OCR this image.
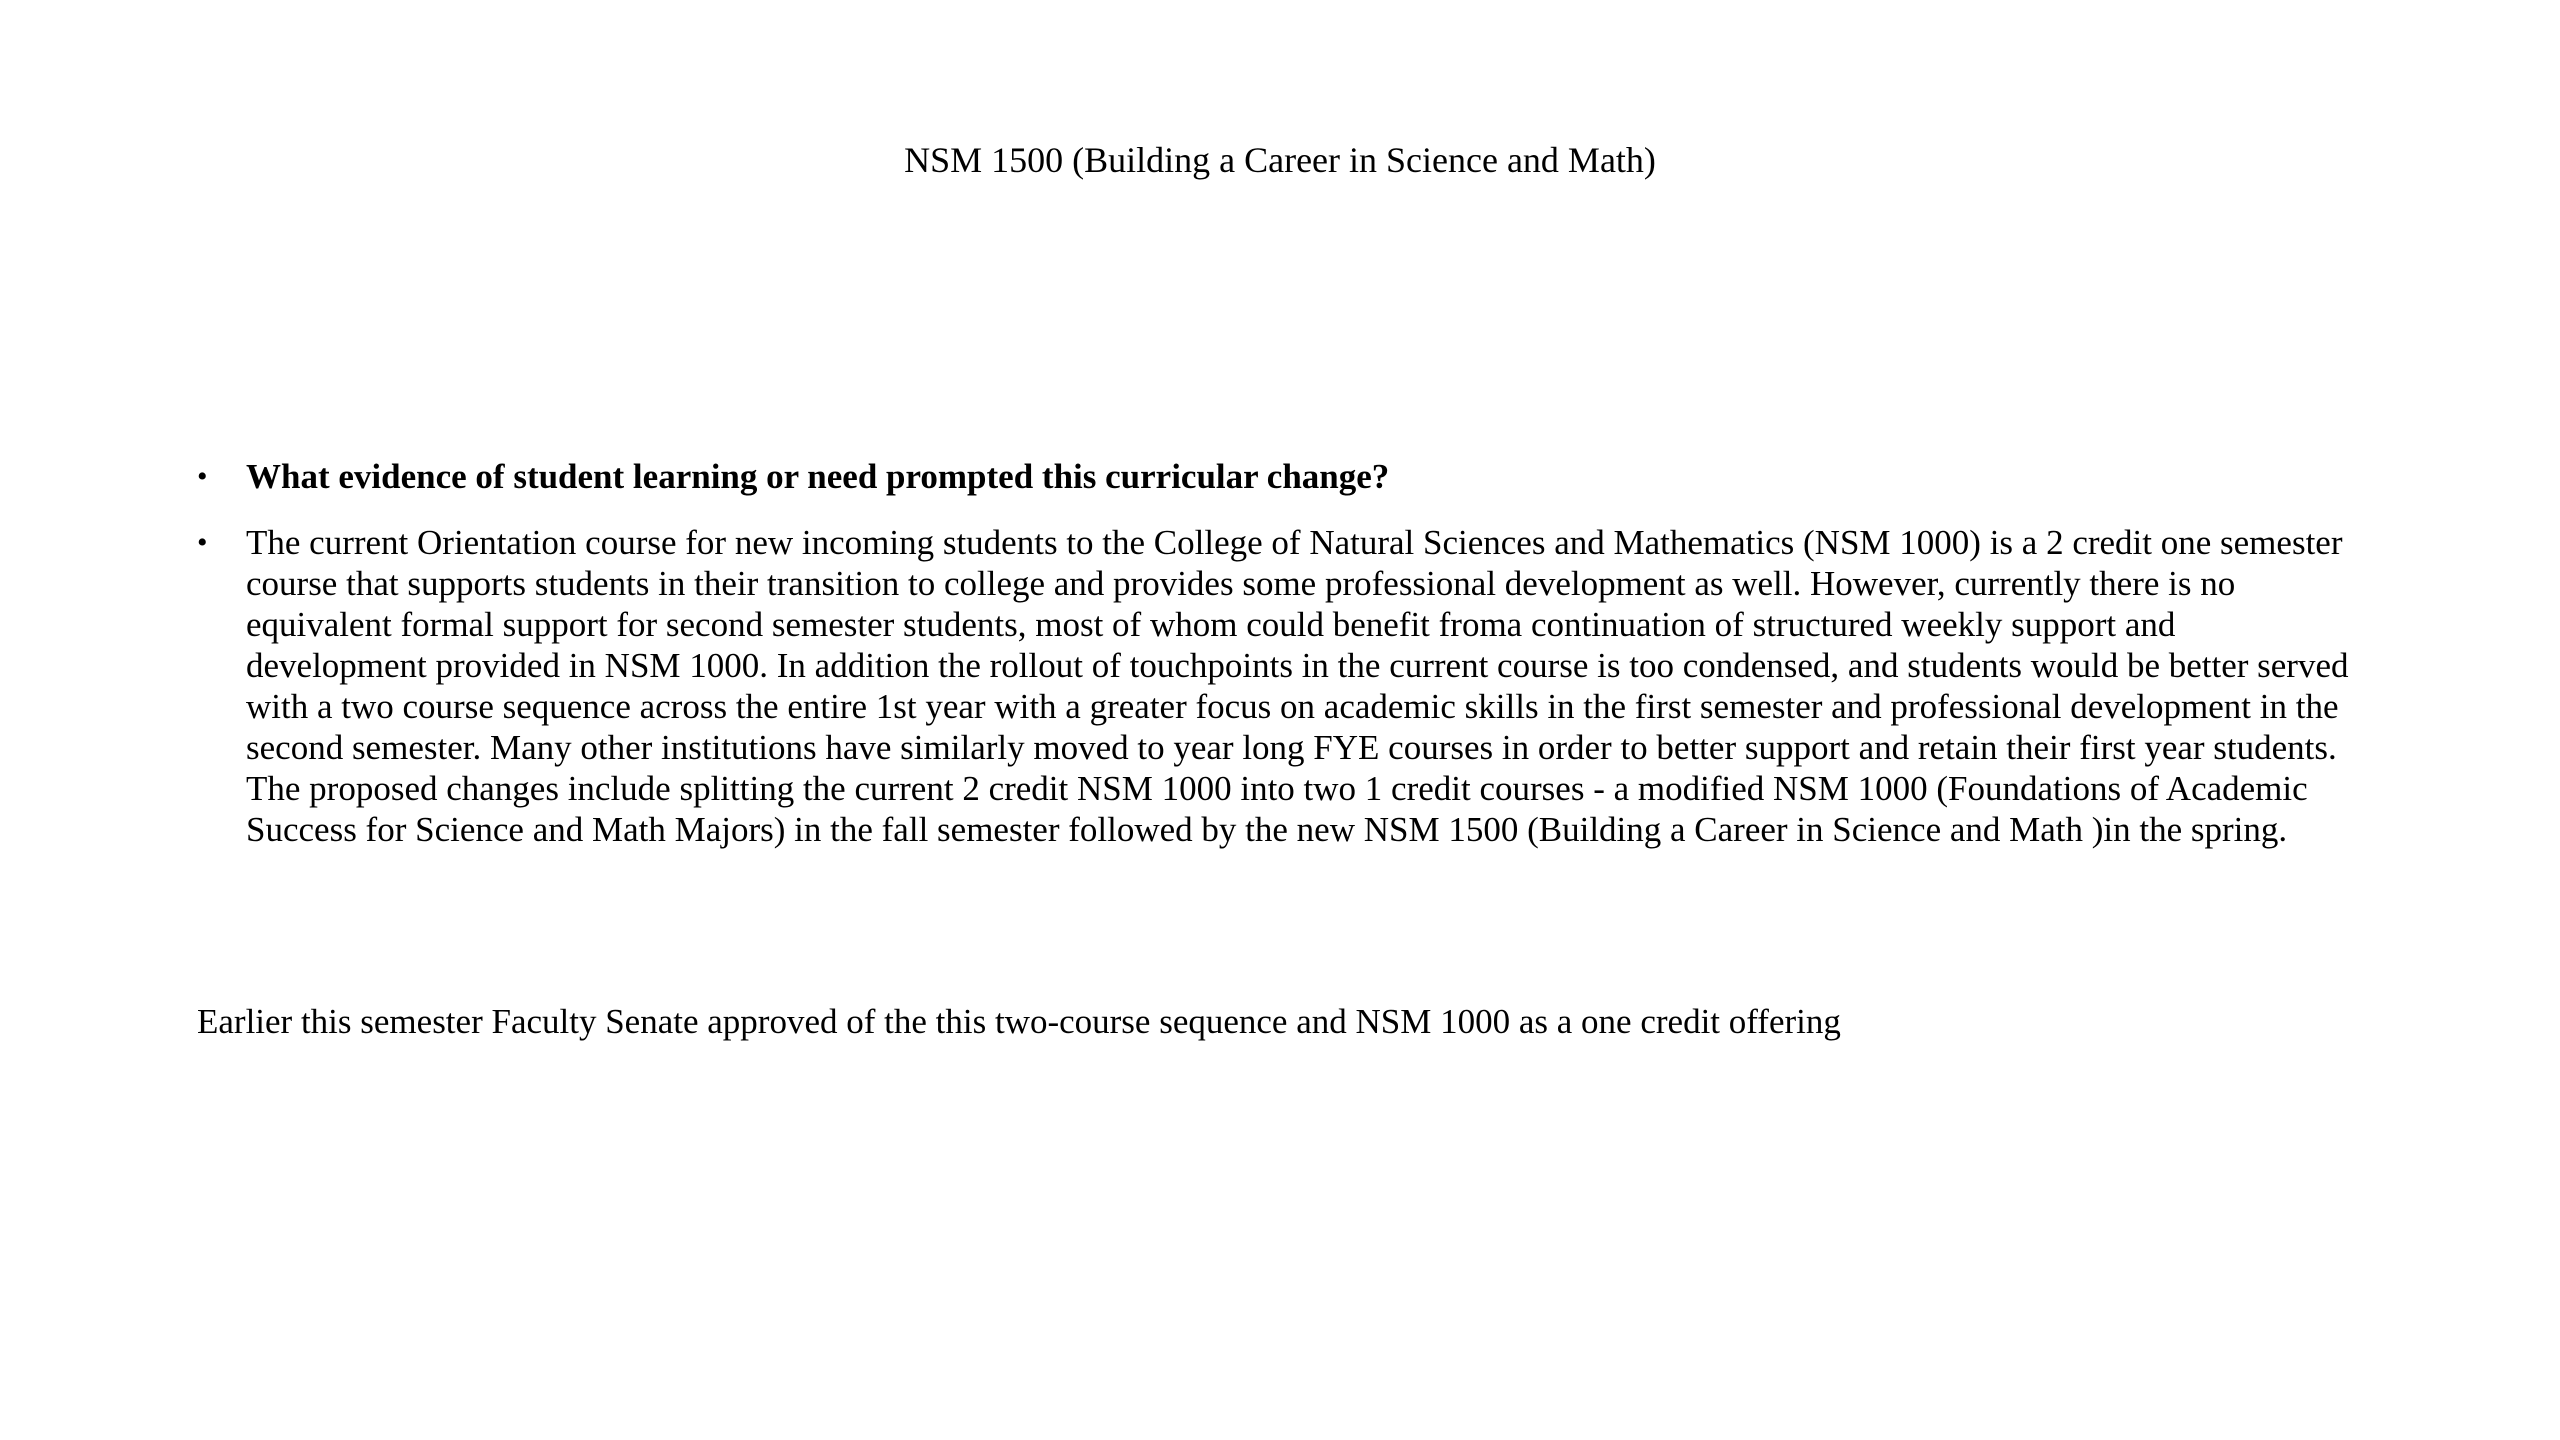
NSM 1500 (Building a Career in Science and Math)
•	What evidence of student learning or need prompted this curricular change?
•	The current Orientation course for new incoming students to the College of Natural Sciences and Mathematics (NSM 1000) is a 2 credit one semester course that supports students in their transition to college and provides some professional development as well. However, currently there is no equivalent formal support for second semester students, most of whom could benefit froma continuation of structured weekly support and development provided in NSM 1000. In addition the rollout of touchpoints in the current course is too condensed, and students would be better served with a two course sequence across the entire 1st year with a greater focus on academic skills in the first semester and professional development in the second semester. Many other institutions have similarly moved to year long FYE courses in order to better support and retain their first year students. The proposed changes include splitting the current 2 credit NSM 1000 into two 1 credit courses - a modified NSM 1000 (Foundations of Academic Success for Science and Math Majors) in the fall semester followed by the new NSM 1500 (Building a Career in Science and Math )in the spring.
Earlier this semester Faculty Senate approved of the this two-course sequence and NSM 1000 as a one credit offering
